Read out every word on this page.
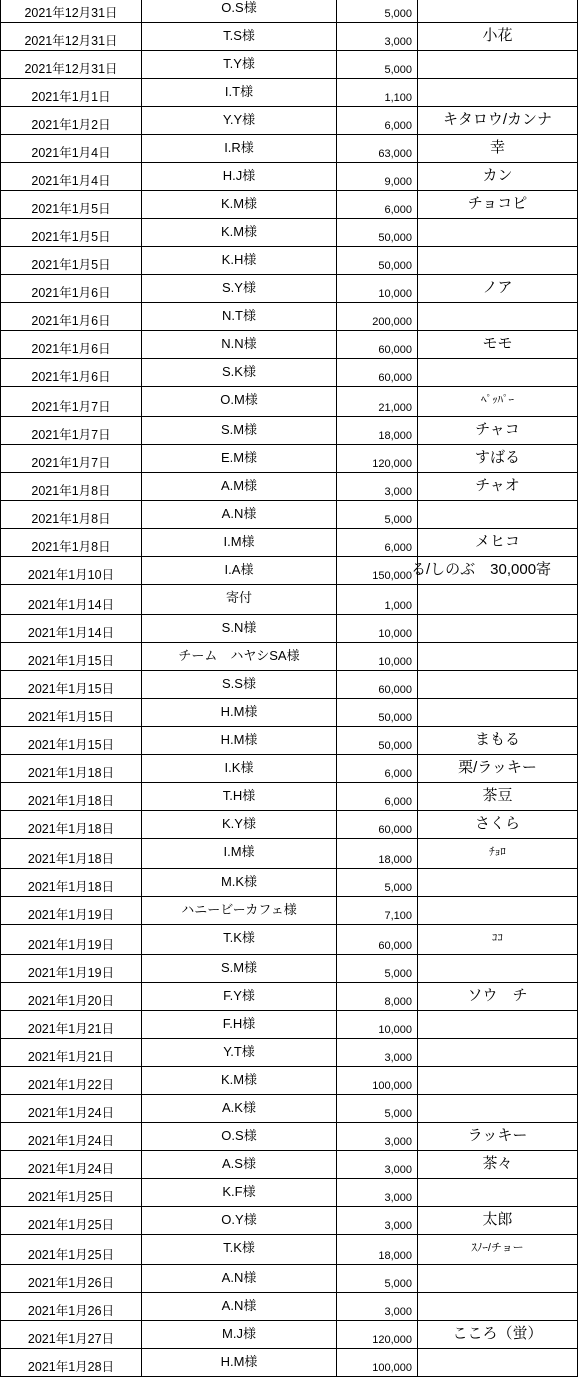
2021年12月31日	O.S様	5,000	
2021年12月31日	T.S様	3,000	小花
2021年12月31日	T.Y様	5,000	
2021年1月1日	I.T様	1,100	
2021年1月2日	Y.Y様	6,000	キタロウ/カンナ
2021年1月4日	I.R様	63,000	幸
2021年1月4日	H.J様	9,000	カン
2021年1月5日	K.M様	6,000	チョコピ
2021年1月5日	K.M様	50,000	
2021年1月5日	K.H様	50,000	
2021年1月6日	S.Y様	10,000	ノア
2021年1月6日	N.T様	200,000	
2021年1月6日	N.N様	60,000	モモ
2021年1月6日	S.K様	60,000	
2021年1月7日	O.M様	21,000	ﾍﾟｯﾊﾟｰ
2021年1月7日	S.M様	18,000	チャコ
2021年1月7日	E.M様	120,000	すばる
2021年1月8日	A.M様	3,000	チャオ
2021年1月8日	A.N様	5,000	
2021年1月8日	I.M様	6,000	メヒコ
2021年1月10日	I.A様	150,000	る/しのぶ　30,000寄
2021年1月14日	寄付	1,000	
2021年1月14日	S.N様	10,000	
2021年1月15日	チーム　ハヤシSA様	10,000	
2021年1月15日	S.S様	60,000	
2021年1月15日	H.M様	50,000	
2021年1月15日	H.M様	50,000	まもる
2021年1月18日	I.K様	6,000	栗/ラッキー
2021年1月18日	T.H様	6,000	茶豆
2021年1月18日	K.Y様	60,000	さくら
2021年1月18日	I.M様	18,000	ﾁｮﾛ
2021年1月18日	M.K様	5,000	
2021年1月19日	ハニービーカフェ様	7,100	
2021年1月19日	T.K様	60,000	ｺｺ
2021年1月19日	S.M様	5,000	
2021年1月20日	F.Y様	8,000	ソウ　チ
2021年1月21日	F.H様	10,000	
2021年1月21日	Y.T様	3,000	
2021年1月22日	K.M様	100,000	
2021年1月24日	A.K様	5,000	
2021年1月24日	O.S様	3,000	ラッキー
2021年1月24日	A.S様	3,000	茶々
2021年1月25日	K.F様	3,000	
2021年1月25日	O.Y様	3,000	太郎
2021年1月25日	T.K様	18,000	ｽﾉｰ/チョー
2021年1月26日	A.N様	5,000	
2021年1月26日	A.N様	3,000	
2021年1月27日	M.J様	120,000	こころ（蛍）
2021年1月28日	H.M様	100,000	
